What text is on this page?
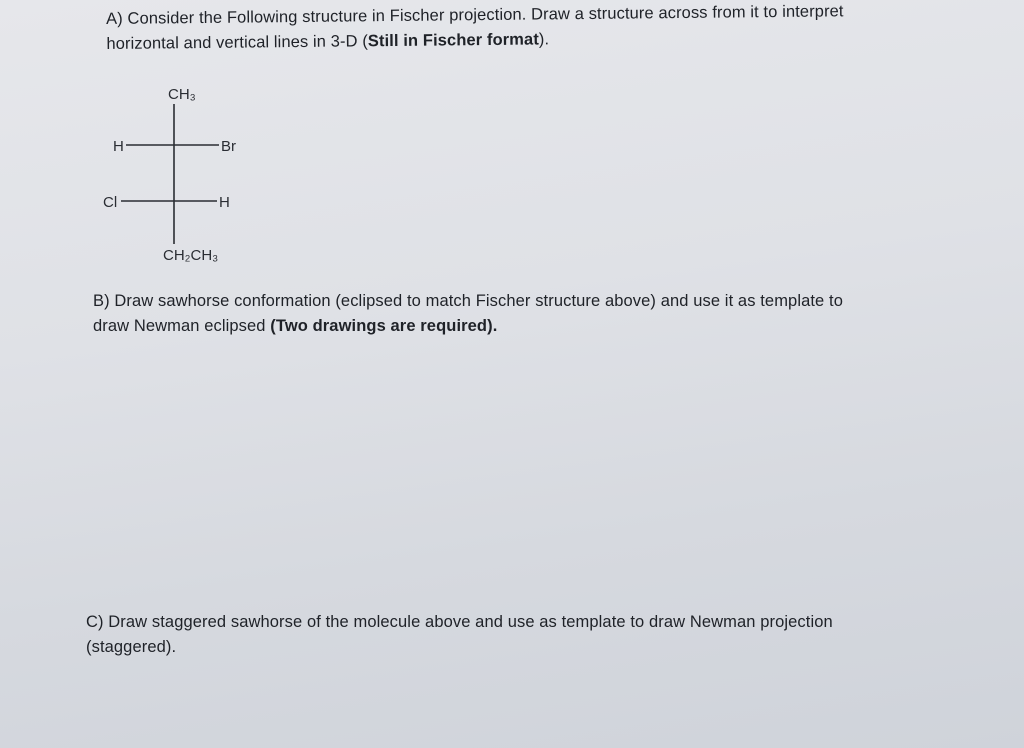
A) Consider the Following structure in Fischer projection. Draw a structure across from it to interpret
horizontal and vertical lines in 3-D (Still in Fischer format).
CH₃
H	Br
Cl	H
CH₂CH₃
B) Draw sawhorse conformation (eclipsed to match Fischer structure above) and use it as template to
draw Newman eclipsed (Two drawings are required).
C) Draw staggered sawhorse of the molecule above and use as template to draw Newman projection
(staggered).
